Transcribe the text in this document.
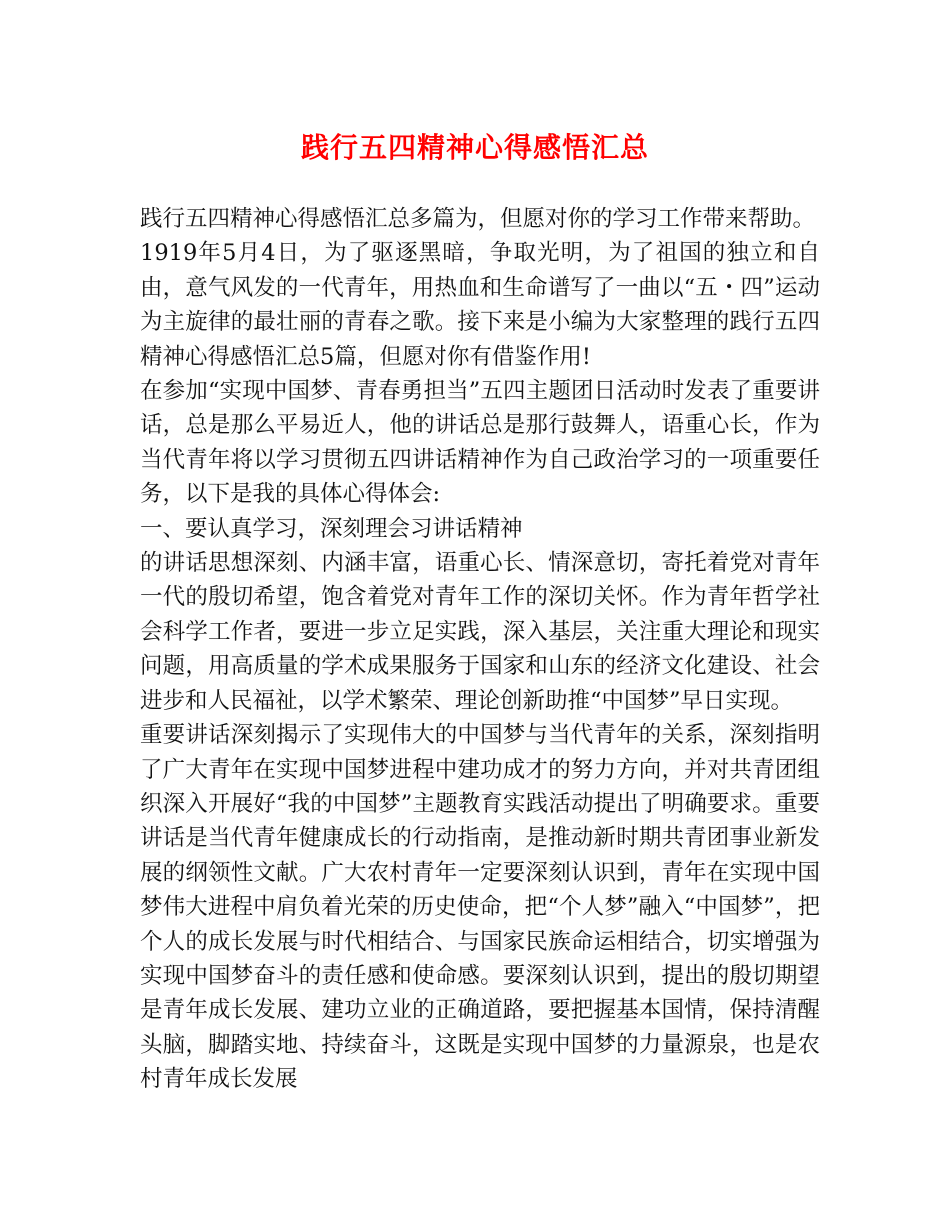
践行五四精神心得感悟汇总

践行五四精神心得感悟汇总多篇为，但愿对你的学习工作带来帮助。

1919年5月4日，为了驱逐黑暗，争取光明，为了祖国的独立和自由，意气风发的一代青年，用热血和生命谱写了一曲以“五・四”运动为主旋律的最壮丽的青春之歌。接下来是小编为大家整理的践行五四精神心得感悟汇总5篇，但愿对你有借鉴作用!

在参加“实现中国梦、青春勇担当”五四主题团日活动时发表了重要讲话，总是那么平易近人，他的讲话总是那行鼓舞人，语重心长，作为当代青年将以学习贯彻五四讲话精神作为自己政治学习的一项重要任务，以下是我的具体心得体会:

一、要认真学习，深刻理会习讲话精神

的讲话思想深刻、内涵丰富，语重心长、情深意切，寄托着党对青年一代的殷切希望，饱含着党对青年工作的深切关怀。作为青年哲学社会科学工作者，要进一步立足实践，深入基层，关注重大理论和现实问题，用高质量的学术成果服务于国家和山东的经济文化建设、社会进步和人民福祉，以学术繁荣、理论创新助推“中国梦”早日实现。

重要讲话深刻揭示了实现伟大的中国梦与当代青年的关系，深刻指明了广大青年在实现中国梦进程中建功成才的努力方向，并对共青团组织深入开展好“我的中国梦”主题教育实践活动提出了明确要求。重要讲话是当代青年健康成长的行动指南，是推动新时期共青团事业新发展的纲领性文献。广大农村青年一定要深刻认识到，青年在实现中国梦伟大进程中肩负着光荣的历史使命，把“个人梦”融入“中国梦”，把个人的成长发展与时代相结合、与国家民族命运相结合，切实增强为实现中国梦奋斗的责任感和使命感。要深刻认识到，提出的殷切期望是青年成长发展、建功立业的正确道路，要把握基本国情，保持清醒头脑，脚踏实地、持续奋斗，这既是实现中国梦的力量源泉，也是农村青年成长发展
